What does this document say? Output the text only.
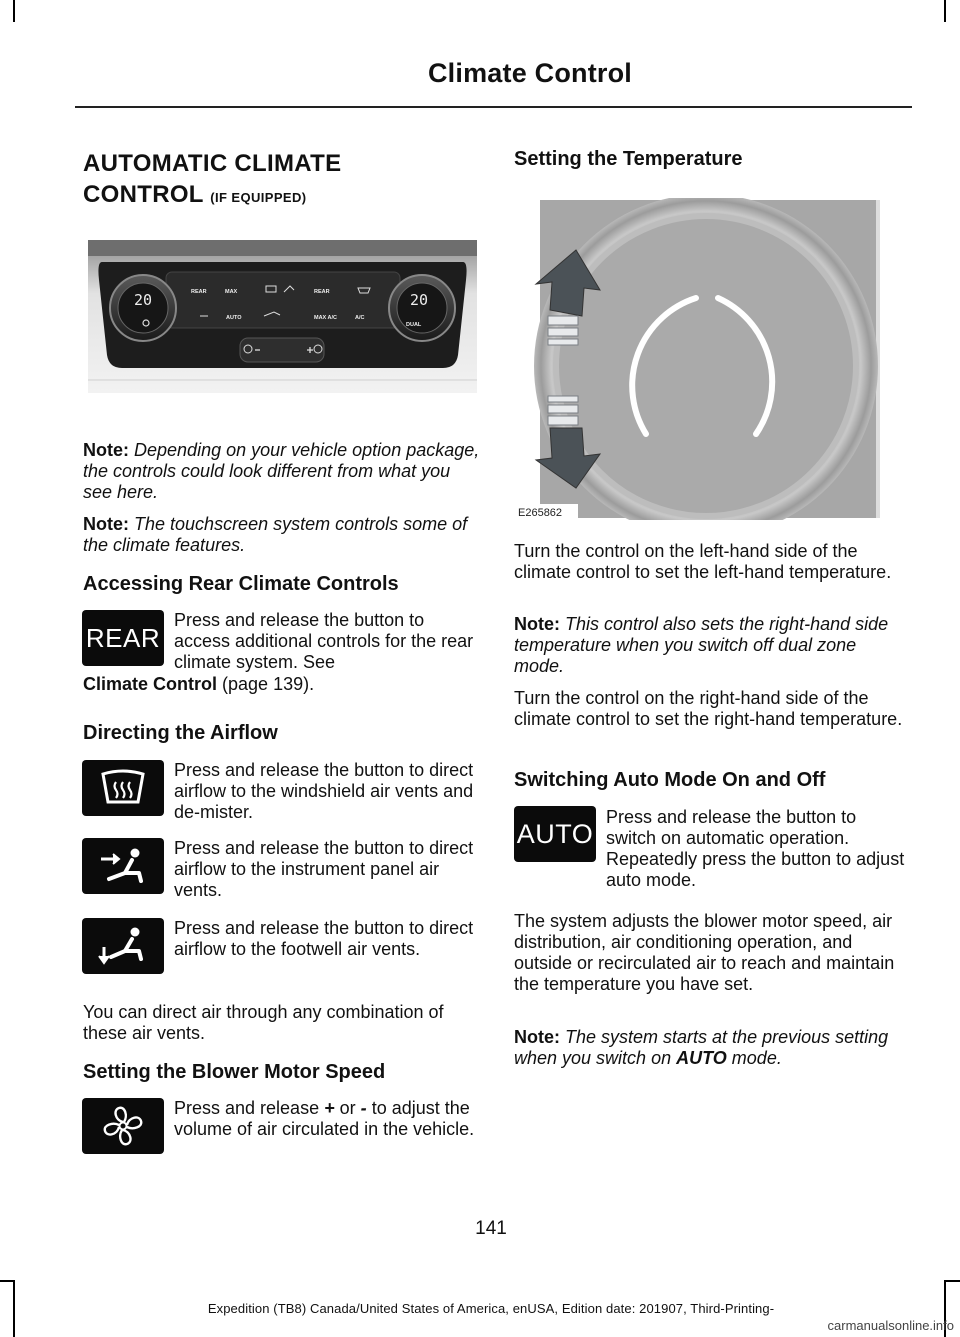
Climate Control
AUTOMATIC CLIMATE
CONTROL (IF EQUIPPED)
20	20
REAR	MAX
AUTO
REAR
MAX A/C	A/C
DUAL
Note: Depending on your vehicle option package, the controls could look different from what you see here.
Note: The touchscreen system controls some of the climate features.
Accessing Rear Climate Controls
REAR
Press and release the button to access additional controls for the rear climate system. See
Climate Control (page 139).
Directing the Airflow
Press and release the button to direct airflow to the windshield air vents and de-mister.
Press and release the button to direct airflow to the instrument panel air vents.
Press and release the button to direct airflow to the footwell air vents.
You can direct air through any combination of these air vents.
Setting the Blower Motor Speed
Press and release + or - to adjust the volume of air circulated in the vehicle.
Setting the Temperature
E265862
Turn the control on the left-hand side of the climate control to set the left-hand temperature.
Note: This control also sets the right-hand side temperature when you switch off dual zone mode.
Turn the control on the right-hand side of the climate control to set the right-hand temperature.
Switching Auto Mode On and Off
AUTO
Press and release the button to switch on automatic operation. Repeatedly press the button to adjust auto mode.
The system adjusts the blower motor speed, air distribution, air conditioning operation, and outside or recirculated air to reach and maintain the temperature you have set.
Note: The system starts at the previous setting when you switch on AUTO mode.
141
Expedition (TB8) Canada/United States of America, enUSA, Edition date: 201907, Third-Printing-
carmanualsonline.info
